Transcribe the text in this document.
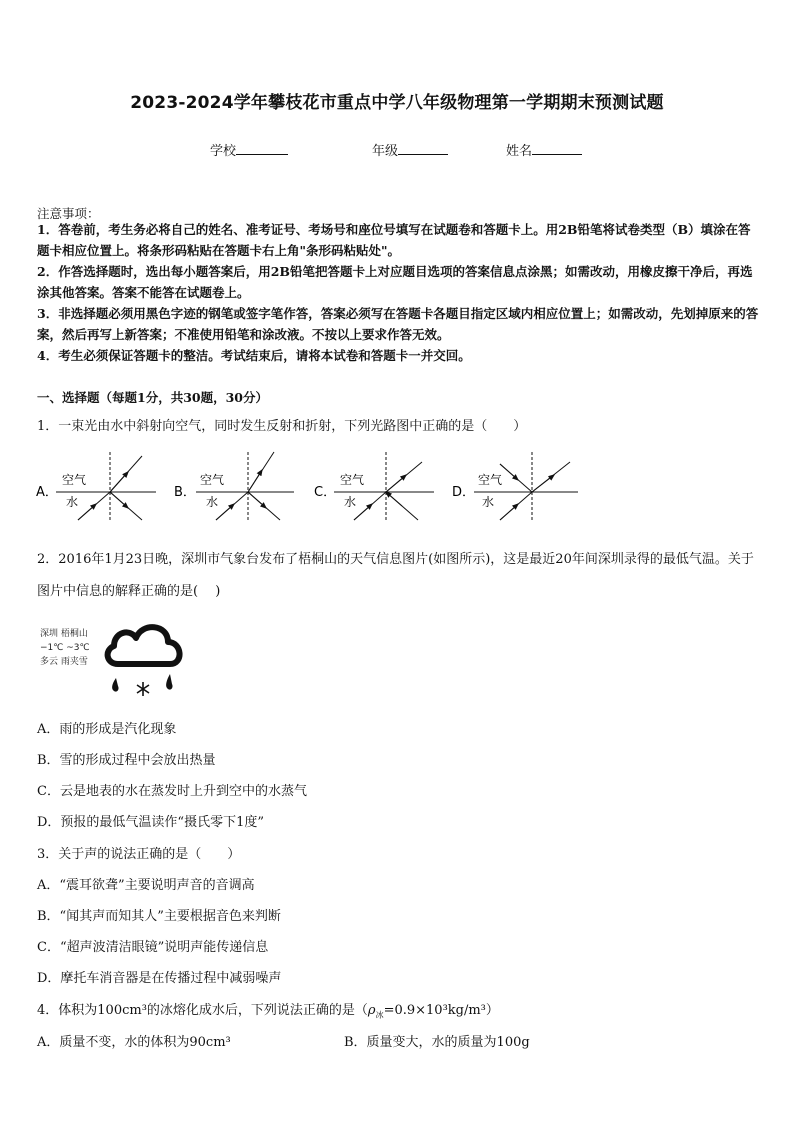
2023-2024学年攀枝花市重点中学八年级物理第一学期期末预测试题
学校	年级	姓名
注意事项：
1．答卷前，考生务必将自己的姓名、准考证号、考场号和座位号填写在试题卷和答题卡上。用2B铅笔将试卷类型（B）填涂在答题卡相应位置上。将条形码粘贴在答题卡右上角"条形码粘贴处"。
2．作答选择题时，选出每小题答案后，用2B铅笔把答题卡上对应题目选项的答案信息点涂黑；如需改动，用橡皮擦干净后，再选涂其他答案。答案不能答在试题卷上。
3．非选择题必须用黑色字迹的钢笔或签字笔作答，答案必须写在答题卡各题目指定区域内相应位置上；如需改动，先划掉原来的答案，然后再写上新答案；不准使用铅笔和涂改液。不按以上要求作答无效。
4．考生必须保证答题卡的整洁。考试结束后，请将本试卷和答题卡一并交回。
一、选择题（每题1分，共30题，30分）
1．一束光由水中斜射向空气，同时发生反射和折射，下列光路图中正确的是（　　）
A．
空气
水
B．
空气
水
C．
空气
水
D．
空气
水
2．2016年1月23日晚，深圳市气象台发布了梧桐山的天气信息图片(如图所示)，这是最近20年间深圳录得的最低气温。关于图片中信息的解释正确的是(　 )
深圳 梧桐山
−1℃ ~3℃
多云 雨夹雪
A．雨的形成是汽化现象
B．雪的形成过程中会放出热量
C．云是地表的水在蒸发时上升到空中的水蒸气
D．预报的最低气温读作“摄氏零下1度”
3．关于声的说法正确的是（　　）
A．“震耳欲聋”主要说明声音的音调高
B．“闻其声而知其人”主要根据音色来判断
C．“超声波清洁眼镜”说明声能传递信息
D．摩托车消音器是在传播过程中减弱噪声
4．体积为100cm³的冰熔化成水后，下列说法正确的是$(\rho_冰=0.9\times 10^3kg/m^3)$
A．质量不变，水的体积为90cm³	B．质量变大，水的质量为100g
